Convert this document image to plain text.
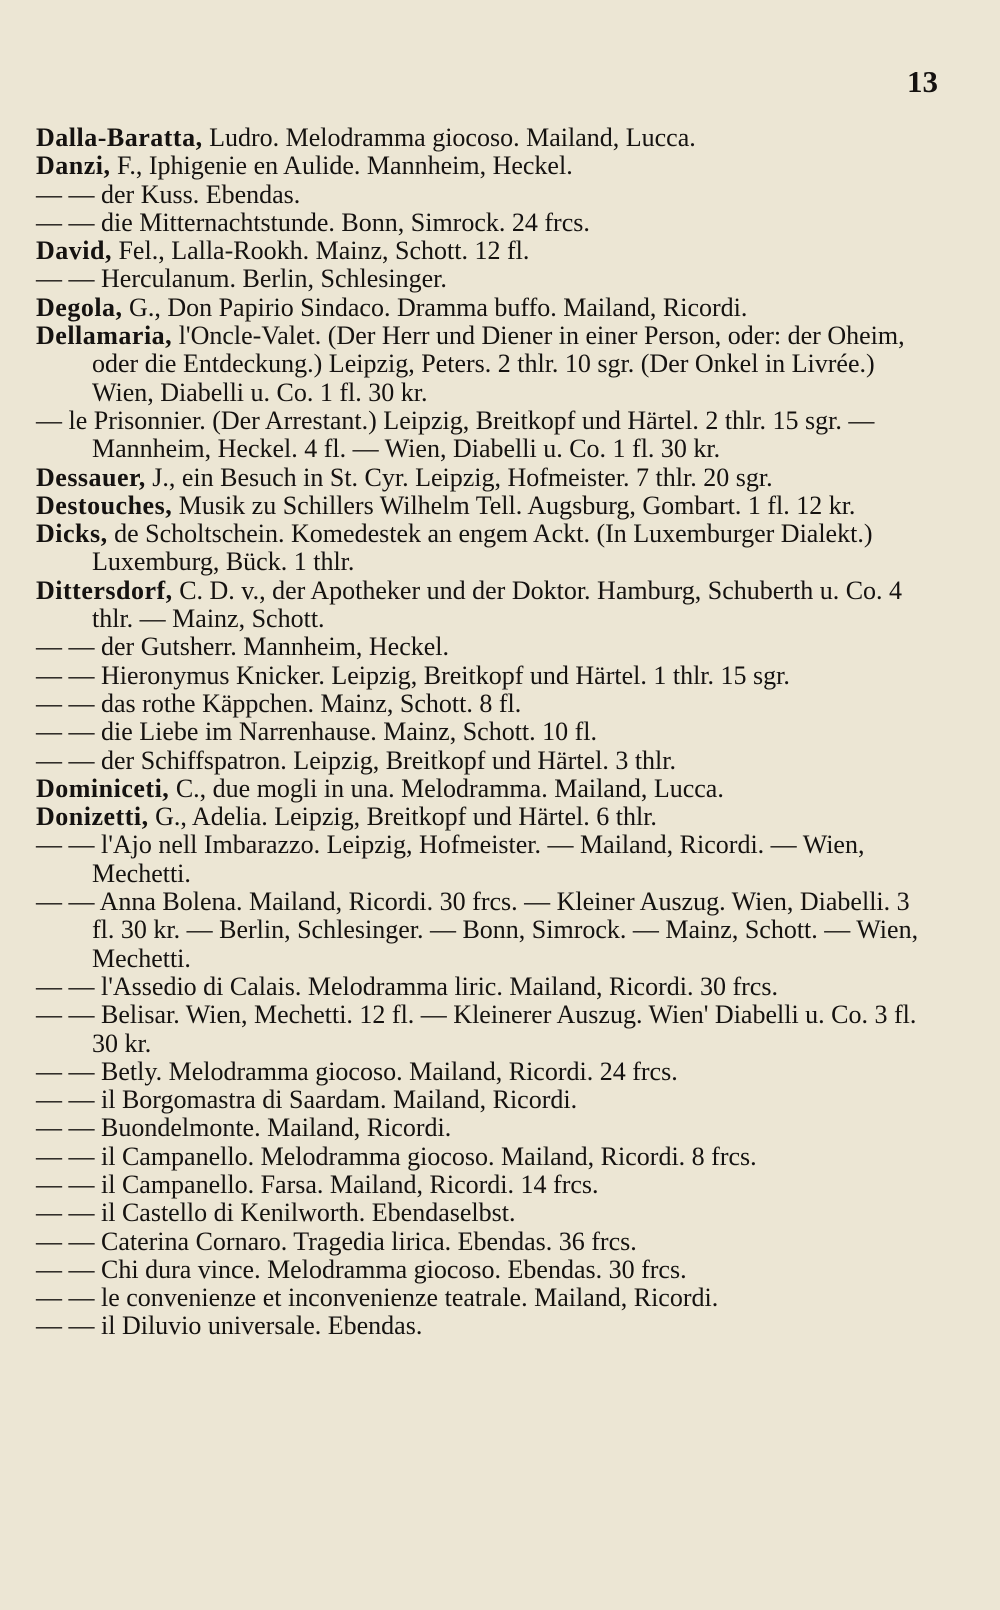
13
Dalla-Baratta, Ludro. Melodramma giocoso. Mailand, Lucca.
Danzi, F., Iphigenie en Aulide. Mannheim, Heckel.
— — der Kuss. Ebendas.
— — die Mitternachtstunde. Bonn, Simrock. 24 frcs.
David, Fel., Lalla-Rookh. Mainz, Schott. 12 fl.
— — Herculanum. Berlin, Schlesinger.
Degola, G., Don Papirio Sindaco. Dramma buffo. Mailand, Ricordi.
Dellamaria, l'Oncle-Valet. (Der Herr und Diener in einer Person, oder: der Oheim, oder die Entdeckung.) Leipzig, Peters. 2 thlr. 10 sgr. (Der Onkel in Livrée.) Wien, Diabelli u. Co. 1 fl. 30 kr.
— le Prisonnier. (Der Arrestant.) Leipzig, Breitkopf und Härtel. 2 thlr. 15 sgr. — Mannheim, Heckel. 4 fl. — Wien, Diabelli u. Co. 1 fl. 30 kr.
Dessauer, J., ein Besuch in St. Cyr. Leipzig, Hofmeister. 7 thlr. 20 sgr.
Destouches, Musik zu Schillers Wilhelm Tell. Augsburg, Gombart. 1 fl. 12 kr.
Dicks, de Scholtschein. Komedestek an engem Ackt. (In Luxemburger Dialekt.) Luxemburg, Bück. 1 thlr.
Dittersdorf, C. D. v., der Apotheker und der Doktor. Hamburg, Schuberth u. Co. 4 thlr. — Mainz, Schott.
— — der Gutsherr. Mannheim, Heckel.
— — Hieronymus Knicker. Leipzig, Breitkopf und Härtel. 1 thlr. 15 sgr.
— — das rothe Käppchen. Mainz, Schott. 8 fl.
— — die Liebe im Narrenhause. Mainz, Schott. 10 fl.
— — der Schiffspatron. Leipzig, Breitkopf und Härtel. 3 thlr.
Dominiceti, C., due mogli in una. Melodramma. Mailand, Lucca.
Donizetti, G., Adelia. Leipzig, Breitkopf und Härtel. 6 thlr.
— — l'Ajo nell Imbarazzo. Leipzig, Hofmeister. — Mailand, Ricordi. — Wien, Mechetti.
— — Anna Bolena. Mailand, Ricordi. 30 frcs. — Kleiner Auszug. Wien, Diabelli. 3 fl. 30 kr. — Berlin, Schlesinger. — Bonn, Simrock. — Mainz, Schott. — Wien, Mechetti.
— — l'Assedio di Calais. Melodramma liric. Mailand, Ricordi. 30 frcs.
— — Belisar. Wien, Mechetti. 12 fl. — Kleinerer Auszug. Wien' Diabelli u. Co. 3 fl. 30 kr.
— — Betly. Melodramma giocoso. Mailand, Ricordi. 24 frcs.
— — il Borgomastra di Saardam. Mailand, Ricordi.
— — Buondelmonte. Mailand, Ricordi.
— — il Campanello. Melodramma giocoso. Mailand, Ricordi. 8 frcs.
— — il Campanello. Farsa. Mailand, Ricordi. 14 frcs.
— — il Castello di Kenilworth. Ebendaselbst.
— — Caterina Cornaro. Tragedia lirica. Ebendas. 36 frcs.
— — Chi dura vince. Melodramma giocoso. Ebendas. 30 frcs.
— — le convenienze et inconvenienze teatrale. Mailand, Ricordi.
— — il Diluvio universale. Ebendas.
